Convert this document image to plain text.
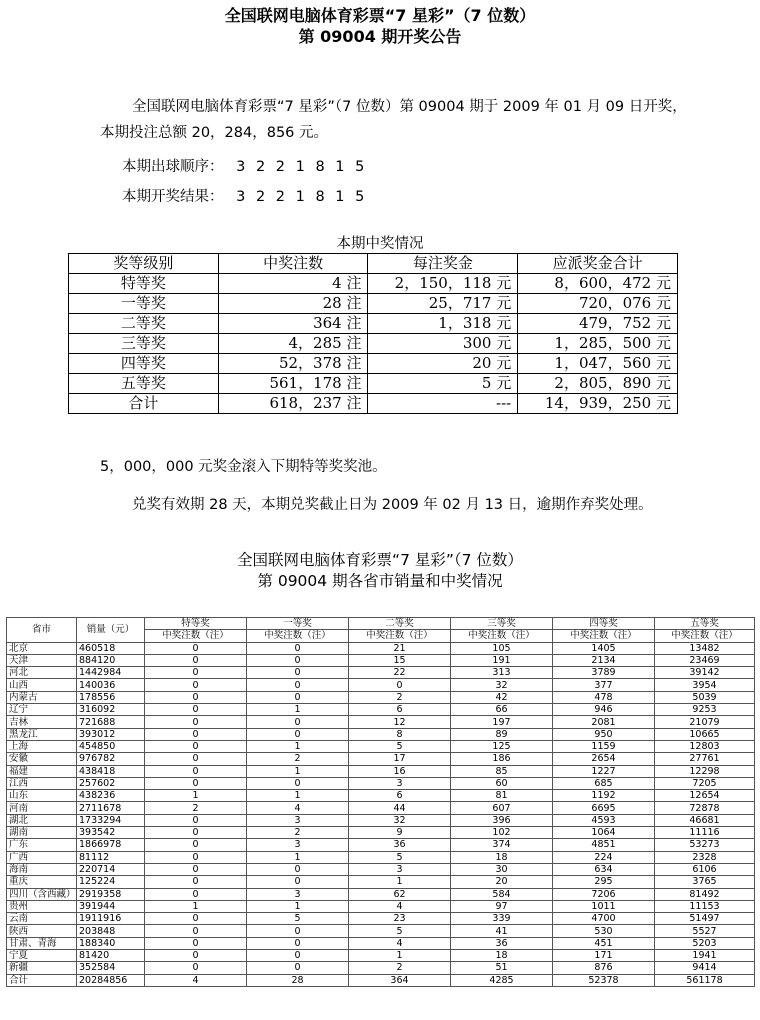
全国联网电脑体育彩票“7 星彩”（7 位数）
第 09004 期开奖公告
全国联网电脑体育彩票“7 星彩”（7 位数）第 09004 期于 2009 年 01 月 09 日开奖，本期投注总额 20，284，856 元。
本期出球顺序： 3 2 2 1 8 1 5
本期开奖结果： 3 2 2 1 8 1 5
本期中奖情况
奖等级别	中奖注数	每注奖金	应派奖金合计
特等奖	4 注	2，150，118 元	8，600，472 元
一等奖	28 注	25，717 元	720，076 元
二等奖	364 注	1，318 元	479，752 元
三等奖	4，285 注	300 元	1，285，500 元
四等奖	52，378 注	20 元	1，047，560 元
五等奖	561，178 注	5 元	2，805，890 元
合计	618，237 注	---	14，939，250 元
5，000，000 元奖金滚入下期特等奖奖池。
兑奖有效期 28 天，本期兑奖截止日为 2009 年 02 月 13 日，逾期作弃奖处理。
全国联网电脑体育彩票“7 星彩”（7 位数）
第 09004 期各省市销量和中奖情况
省市	销量（元）	特等奖	一等奖	二等奖	三等奖	四等奖	五等奖
		中奖注数（注）	中奖注数（注）	中奖注数（注）	中奖注数（注）	中奖注数（注）	中奖注数（注）
北京	460518	0	0	21	105	1405	13482
天津	884120	0	0	15	191	2134	23469
河北	1442984	0	0	22	313	3789	39142
山西	140036	0	0	0	32	377	3954
内蒙古	178556	0	0	2	42	478	5039
辽宁	316092	0	1	6	66	946	9253
吉林	721688	0	0	12	197	2081	21079
黑龙江	393012	0	0	8	89	950	10665
上海	454850	0	1	5	125	1159	12803
安徽	976782	0	2	17	186	2654	27761
福建	438418	0	1	16	85	1227	12298
江西	257602	0	0	3	60	685	7205
山东	438236	1	1	6	81	1192	12654
河南	2711678	2	4	44	607	6695	72878
湖北	1733294	0	3	32	396	4593	46681
湖南	393542	0	2	9	102	1064	11116
广东	1866978	0	3	36	374	4851	53273
广西	81112	0	1	5	18	224	2328
海南	220714	0	0	3	30	634	6106
重庆	125224	0	0	1	20	295	3765
四川（含西藏）	2919358	0	3	62	584	7206	81492
贵州	391944	1	1	4	97	1011	11153
云南	1911916	0	5	23	339	4700	51497
陕西	203848	0	0	5	41	530	5527
甘肃、青海	188340	0	0	4	36	451	5203
宁夏	81420	0	0	1	18	171	1941
新疆	352584	0	0	2	51	876	9414
合计	20284856	4	28	364	4285	52378	561178
